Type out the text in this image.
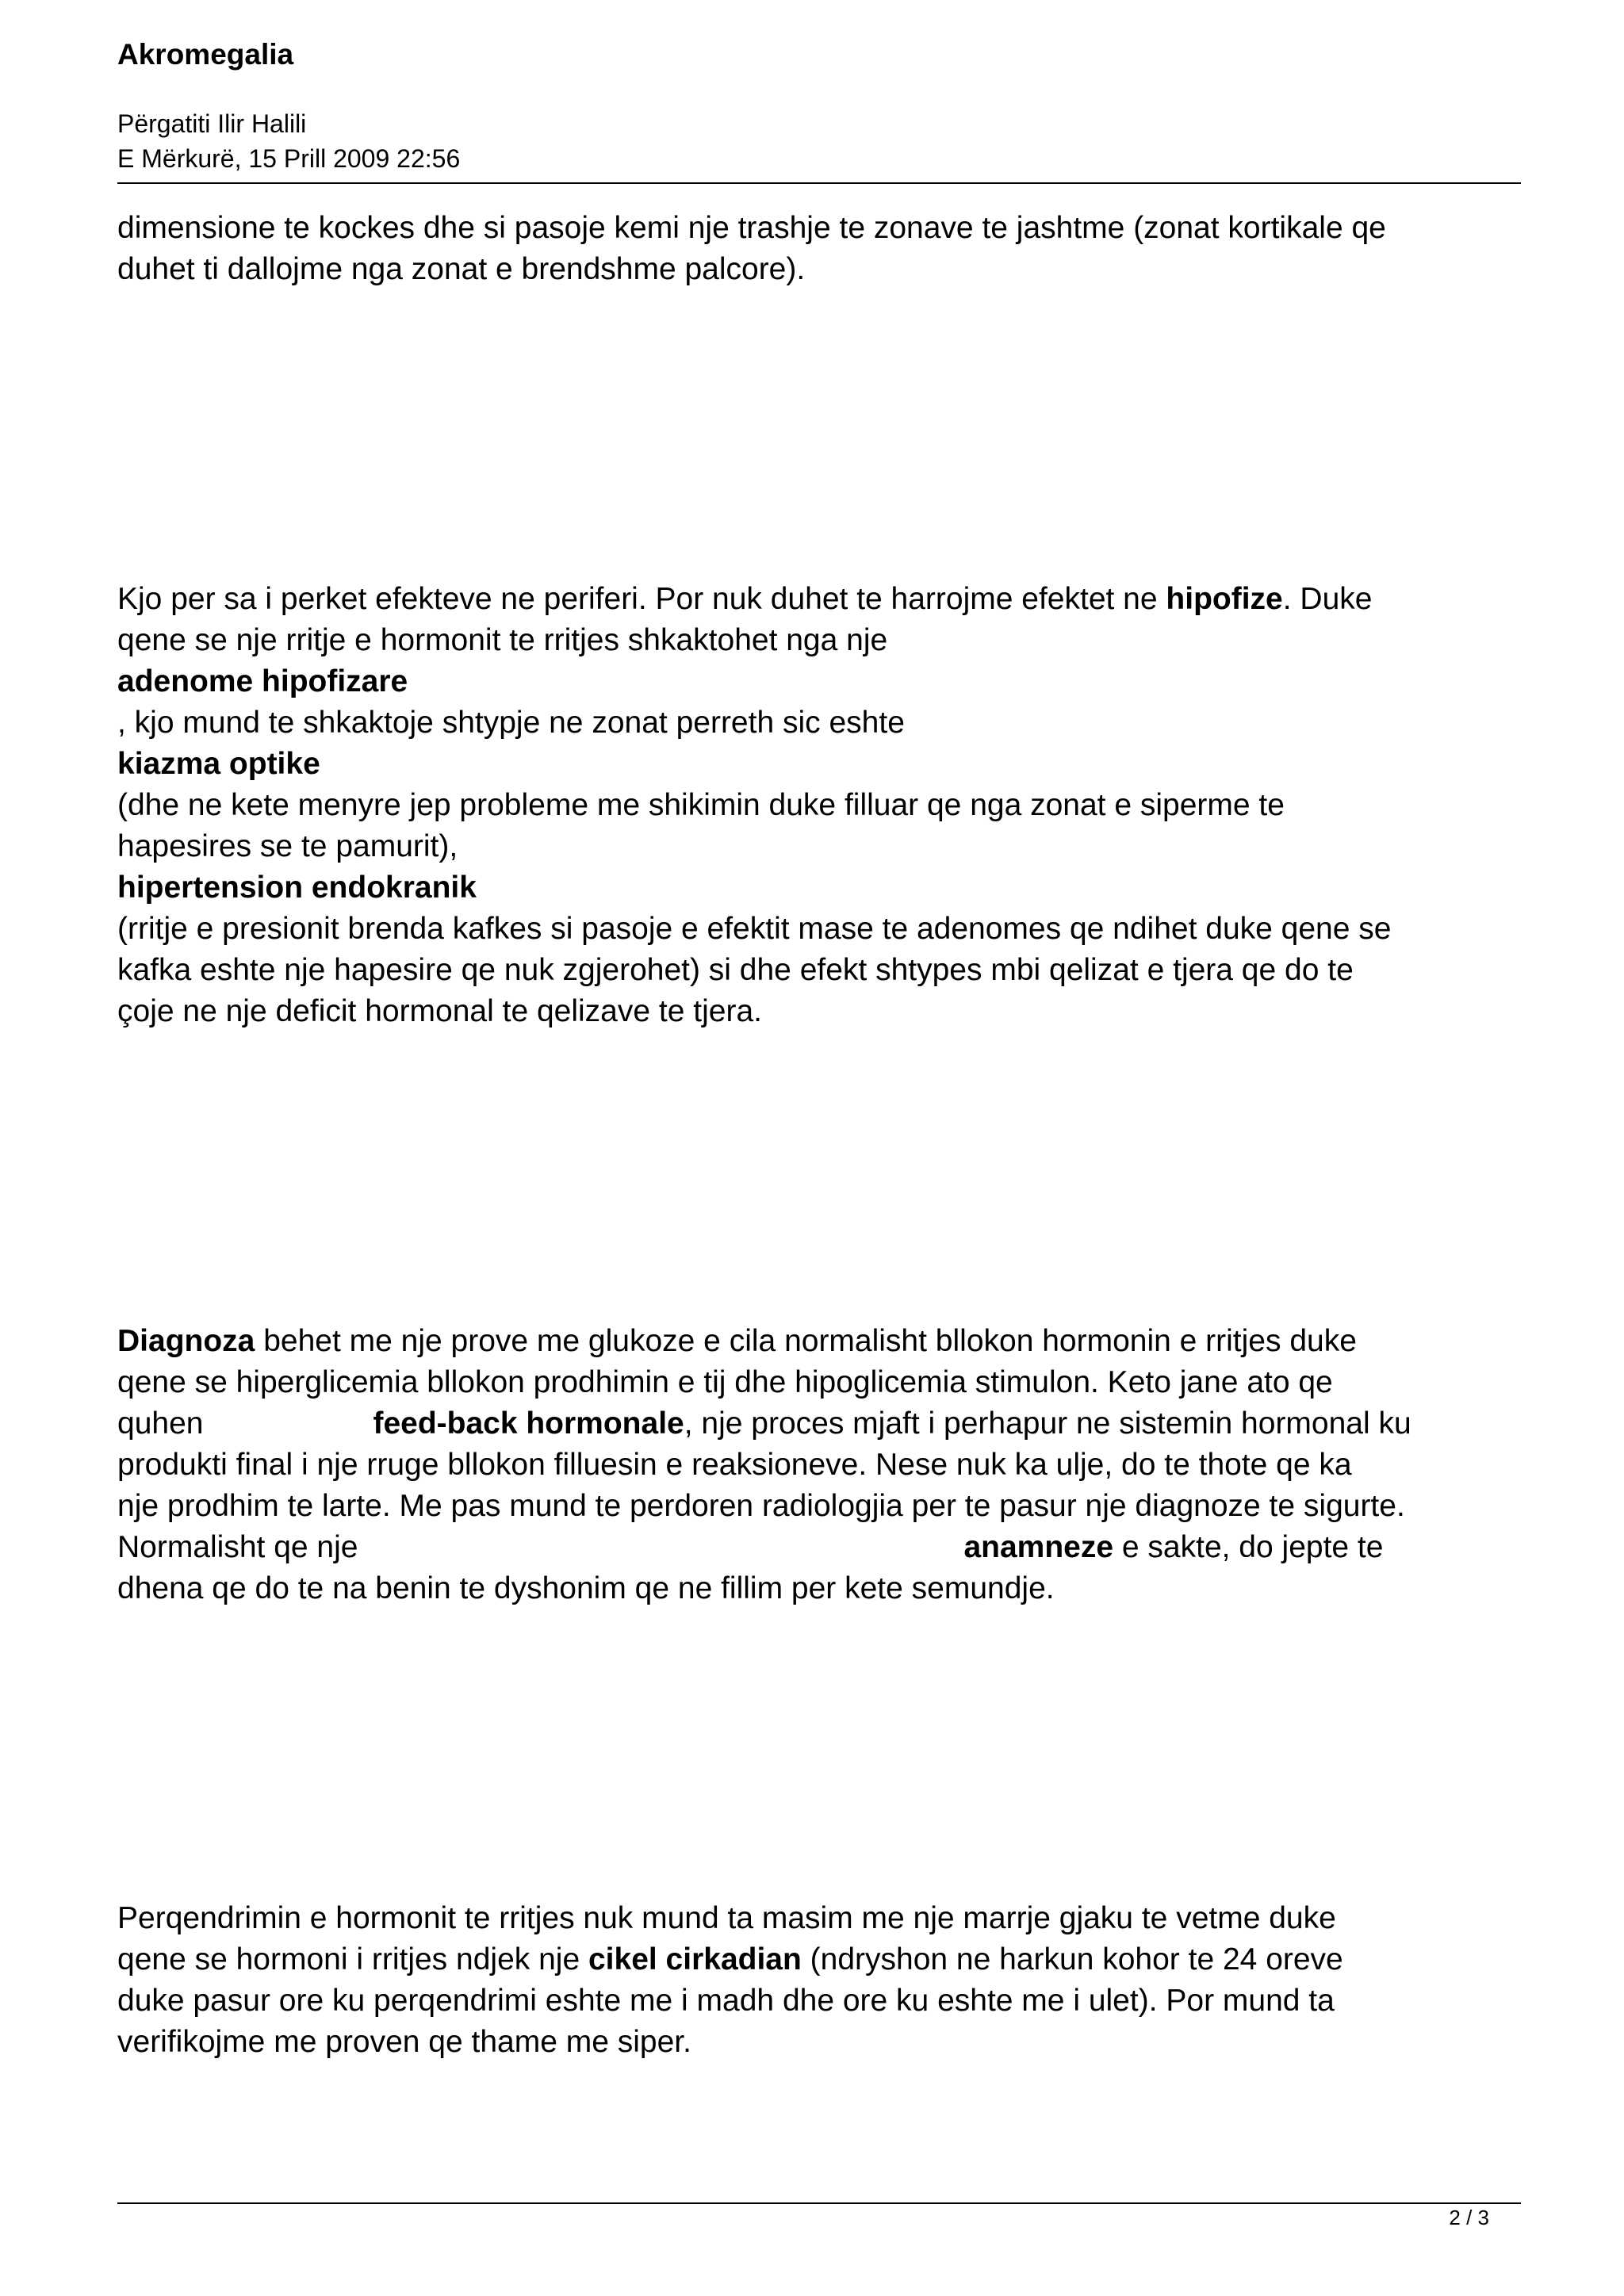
Akromegalia
Përgatiti Ilir Halili
E Mërkurë, 15 Prill 2009 22:56
dimensione te kockes dhe si pasoje kemi nje trashje te zonave te jashtme (zonat kortikale qe
duhet ti dallojme nga zonat e brendshme palcore).
Kjo per sa i perket efekteve ne periferi. Por nuk duhet te harrojme efektet ne hipofize. Duke
qene se nje rritje e hormonit te rritjes shkaktohet nga nje
adenome hipofizare
, kjo mund te shkaktoje shtypje ne zonat perreth sic eshte
kiazma optike
(dhe ne kete menyre jep probleme me shikimin duke filluar qe nga zonat e siperme te
hapesires se te pamurit),
hipertension endokranik
(rritje e presionit brenda kafkes si pasoje e efektit mase te adenomes qe ndihet duke qene se
kafka eshte nje hapesire qe nuk zgjerohet) si dhe efekt shtypes mbi qelizat e tjera qe do te
çoje ne nje deficit hormonal te qelizave te tjera.
Diagnoza behet me nje prove me glukoze e cila normalisht bllokon hormonin e rritjes duke
qene se hiperglicemia bllokon prodhimin e tij dhe hipoglicemia stimulon. Keto jane ato qe
quhen	feed-back hormonale, nje proces mjaft i perhapur ne sistemin hormonal ku
produkti final i nje rruge bllokon filluesin e reaksioneve. Nese nuk ka ulje, do te thote qe ka
nje prodhim te larte. Me pas mund te perdoren radiologjia per te pasur nje diagnoze te sigurte.
Normalisht qe nje	anamneze e sakte, do jepte te
dhena qe do te na benin te dyshonim qe ne fillim per kete semundje.
Perqendrimin e hormonit te rritjes nuk mund ta masim me nje marrje gjaku te vetme duke
qene se hormoni i rritjes ndjek nje cikel cirkadian (ndryshon ne harkun kohor te 24 oreve
duke pasur ore ku perqendrimi eshte me i madh dhe ore ku eshte me i ulet). Por mund ta
verifikojme me proven qe thame me siper.
2 / 3
